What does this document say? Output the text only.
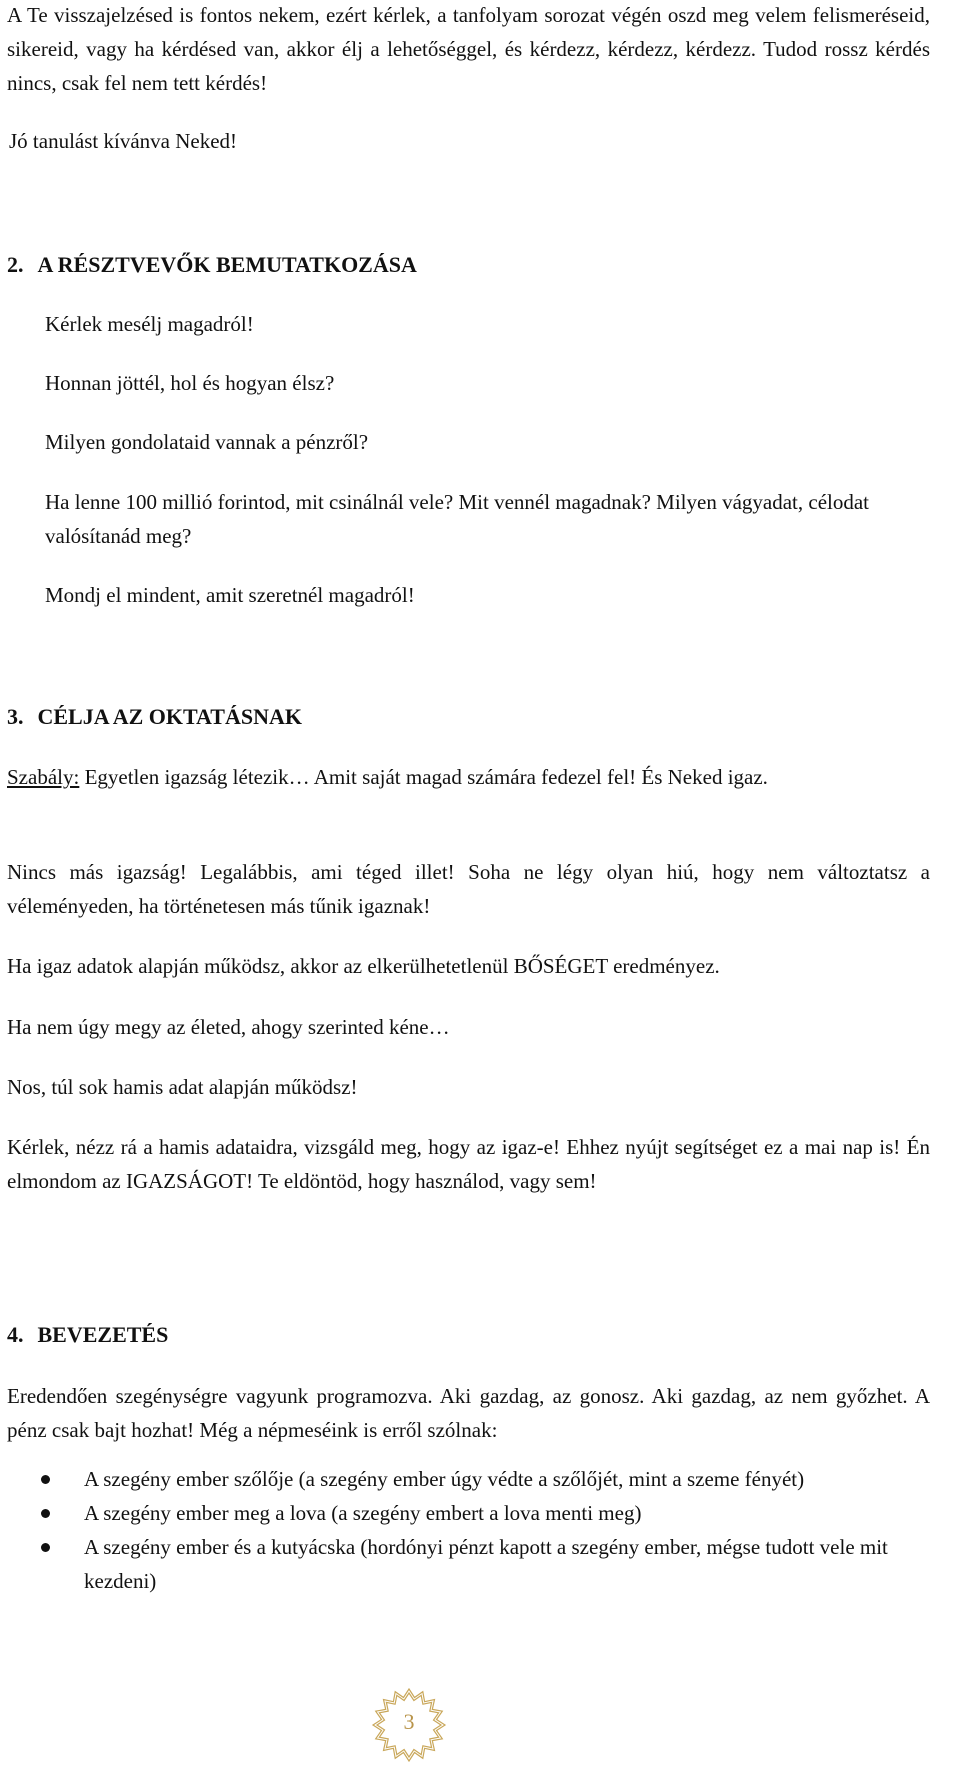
A Te visszajelzésed is fontos nekem, ezért kérlek, a tanfolyam sorozat végén oszd meg velem felismeréseid, sikereid, vagy ha kérdésed van, akkor élj a lehetőséggel, és kérdezz, kérdezz, kérdezz. Tudod rossz kérdés nincs, csak fel nem tett kérdés!

Jó tanulást kívánva Neked!

2. A RÉSZTVEVŐK BEMUTATKOZÁSA

Kérlek mesélj magadról!

Honnan jöttél, hol és hogyan élsz?

Milyen gondolataid vannak a pénzről?

Ha lenne 100 millió forintod, mit csinálnál vele? Mit vennél magadnak? Milyen vágyadat, célodat valósítanád meg?

Mondj el mindent, amit szeretnél magadról!

3. CÉLJA AZ OKTATÁSNAK

Szabály: Egyetlen igazság létezik… Amit saját magad számára fedezel fel! És Neked igaz.

Nincs más igazság! Legalábbis, ami téged illet! Soha ne légy olyan hiú, hogy nem változtatsz a véleményeden, ha történetesen más tűnik igaznak!

Ha igaz adatok alapján működsz, akkor az elkerülhetetlenül BŐSÉGET eredményez.

Ha nem úgy megy az életed, ahogy szerinted kéne…

Nos, túl sok hamis adat alapján működsz!

Kérlek, nézz rá a hamis adataidra, vizsgáld meg, hogy az igaz-e! Ehhez nyújt segítséget ez a mai nap is! Én elmondom az IGAZSÁGOT! Te eldöntöd, hogy használod, vagy sem!

4. BEVEZETÉS

Eredendően szegénységre vagyunk programozva. Aki gazdag, az gonosz. Aki gazdag, az nem győzhet. A pénz csak bajt hozhat! Még a népmeséink is erről szólnak:

A szegény ember szőlője (a szegény ember úgy védte a szőlőjét, mint a szeme fényét)
A szegény ember meg a lova (a szegény embert a lova menti meg)
A szegény ember és a kutyácska (hordónyi pénzt kapott a szegény ember, mégse tudott vele mit kezdeni)
3
